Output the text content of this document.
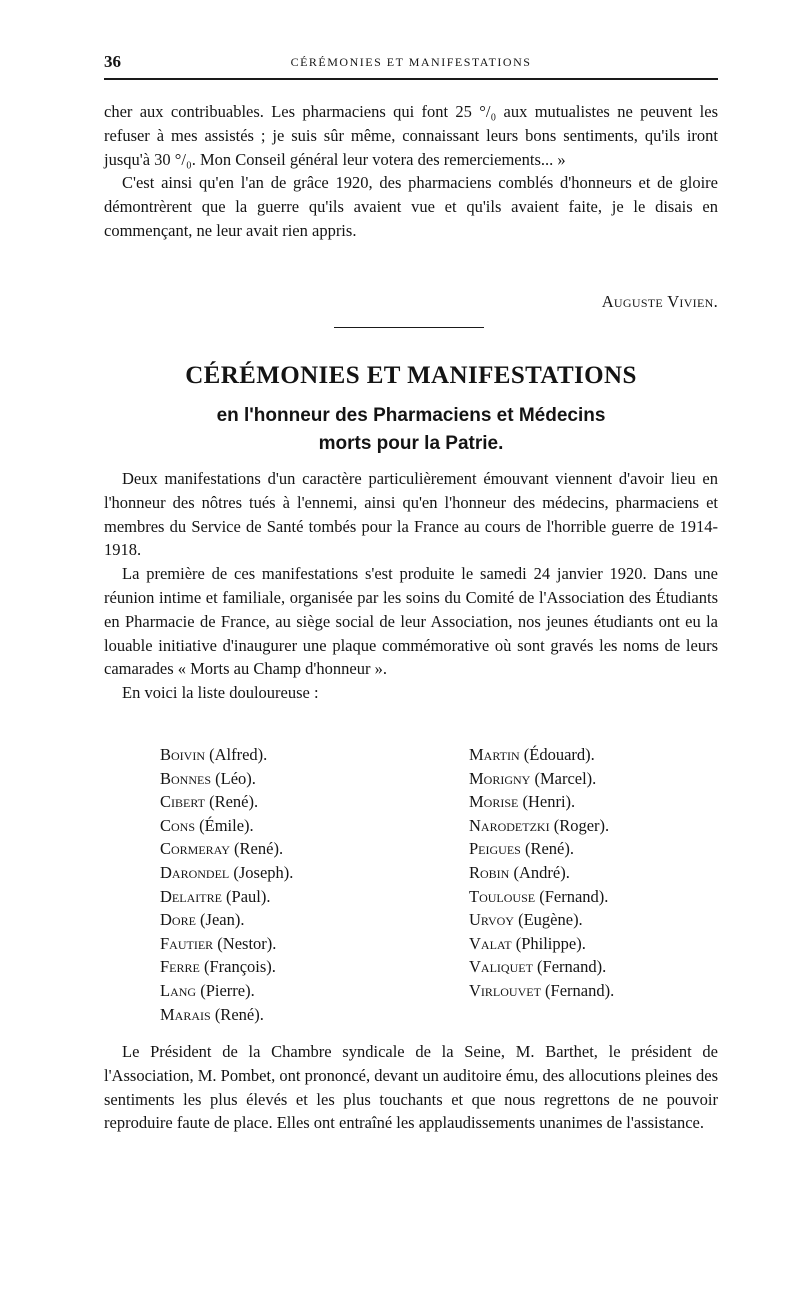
36	CÉRÉMONIES ET MANIFESTATIONS

cher aux contribuables. Les pharmaciens qui font 25 °/₀ aux mutualistes ne peuvent les refuser à mes assistés ; je suis sûr même, connaissant leurs bons sentiments, qu'ils iront jusqu'à 30 °/₀. Mon Conseil général leur votera des remerciements... »

C'est ainsi qu'en l'an de grâce 1920, des pharmaciens comblés d'honneurs et de gloire démontrèrent que la guerre qu'ils avaient vue et qu'ils avaient faite, je le disais en commençant, ne leur avait rien appris.

Auguste Vivien.
CÉRÉMONIES ET MANIFESTATIONS
en l'honneur des Pharmaciens et Médecins
morts pour la Patrie.

Deux manifestations d'un caractère particulièrement émouvant viennent d'avoir lieu en l'honneur des nôtres tués à l'ennemi, ainsi qu'en l'honneur des médecins, pharmaciens et membres du Service de Santé tombés pour la France au cours de l'horrible guerre de 1914-1918.

La première de ces manifestations s'est produite le samedi 24 janvier 1920. Dans une réunion intime et familiale, organisée par les soins du Comité de l'Association des Étudiants en Pharmacie de France, au siège social de leur Association, nos jeunes étudiants ont eu la louable initiative d'inaugurer une plaque commémorative où sont gravés les noms de leurs camarades « Morts au Champ d'honneur ».

En voici la liste douloureuse :

Boivin (Alfred).
Bonnes (Léo).
Cibert (René).
Cons (Émile).
Cormeray (René).
Darondel (Joseph).
Delaitre (Paul).
Dore (Jean).
Fautier (Nestor).
Ferre (François).
Lang (Pierre).
Marais (René).
Martin (Édouard).
Morigny (Marcel).
Morise (Henri).
Narodetzki (Roger).
Peigues (René).
Robin (André).
Toulouse (Fernand).
Urvoy (Eugène).
Valat (Philippe).
Valiquet (Fernand).
Virlouvet (Fernand).

Le Président de la Chambre syndicale de la Seine, M. Barthet, le président de l'Association, M. Pombet, ont prononcé, devant un auditoire ému, des allocutions pleines des sentiments les plus élevés et les plus touchants et que nous regrettons de ne pouvoir reproduire faute de place. Elles ont entraîné les applaudissements unanimes de l'assistance.
